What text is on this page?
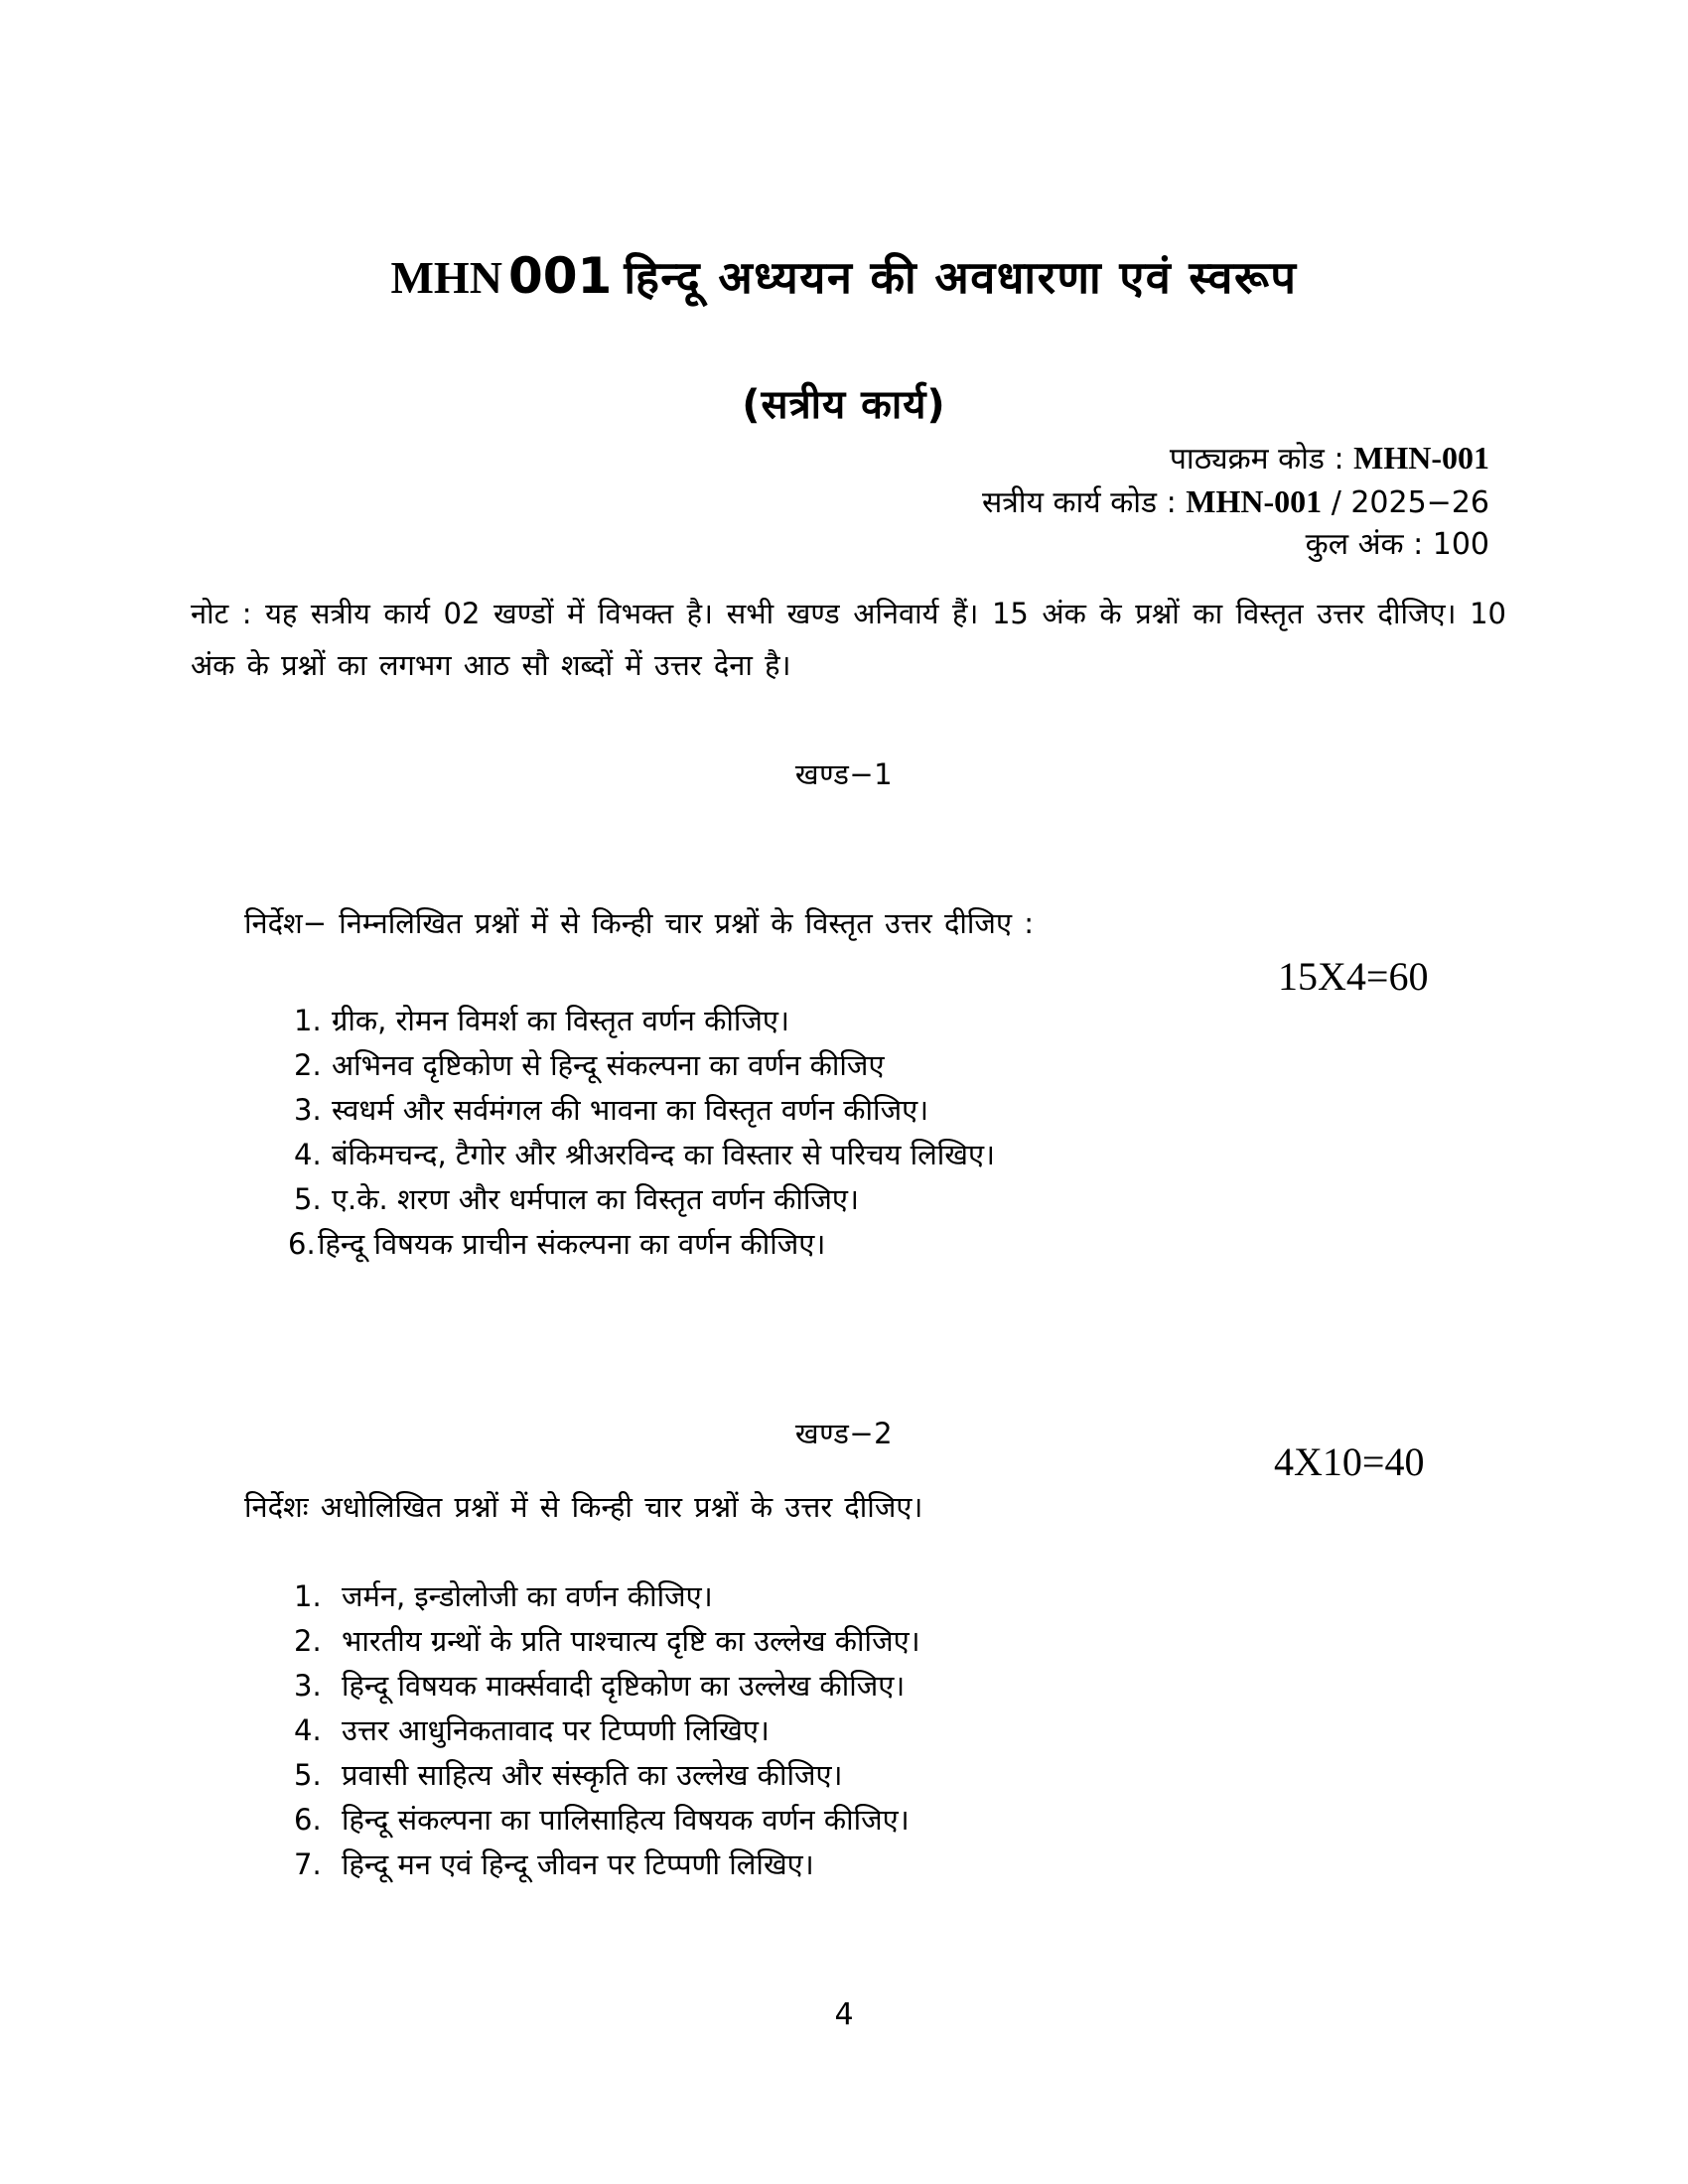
MHN 001 हिन्दू अध्ययन की अवधारणा एवं स्वरूप
(सत्रीय कार्य)
पाठ्यक्रम कोड : MHN-001
सत्रीय कार्य कोड : MHN-001 / 2025−26
कुल अंक : 100
नोट : यह सत्रीय कार्य 02 खण्डों में विभक्त है। सभी खण्ड अनिवार्य हैं। 15 अंक के प्रश्नों का विस्तृत उत्तर दीजिए। 10 अंक के प्रश्नों का लगभग आठ सौ शब्दों में उत्तर देना है।
खण्ड−1
निर्देश− निम्नलिखित प्रश्नों में से किन्ही चार प्रश्नों के विस्तृत उत्तर दीजिए :
15X4=60
1. ग्रीक, रोमन विमर्श का विस्तृत वर्णन कीजिए।
2. अभिनव दृष्टिकोण से हिन्दू संकल्पना का वर्णन कीजिए
3. स्वधर्म और सर्वमंगल की भावना का विस्तृत वर्णन कीजिए।
4. बंकिमचन्द, टैगोर और श्रीअरविन्द का विस्तार से परिचय लिखिए।
5. ए.के. शरण और धर्मपाल का विस्तृत वर्णन कीजिए।
6.हिन्दू विषयक प्राचीन संकल्पना का वर्णन कीजिए।
खण्ड−2
4X10=40
निर्देशः अधोलिखित प्रश्नों में से किन्ही चार प्रश्नों के उत्तर दीजिए।
1. जर्मन, इन्डोलोजी का वर्णन कीजिए।
2. भारतीय ग्रन्थों के प्रति पाश्चात्य दृष्टि का उल्लेख कीजिए।
3. हिन्दू विषयक मार्क्सवादी दृष्टिकोण का उल्लेख कीजिए।
4. उत्तर आधुनिकतावाद पर टिप्पणी लिखिए।
5. प्रवासी साहित्य और संस्कृति का उल्लेख कीजिए।
6. हिन्दू संकल्पना का पालिसाहित्य विषयक वर्णन कीजिए।
7. हिन्दू मन एवं हिन्दू जीवन पर टिप्पणी लिखिए।
4
